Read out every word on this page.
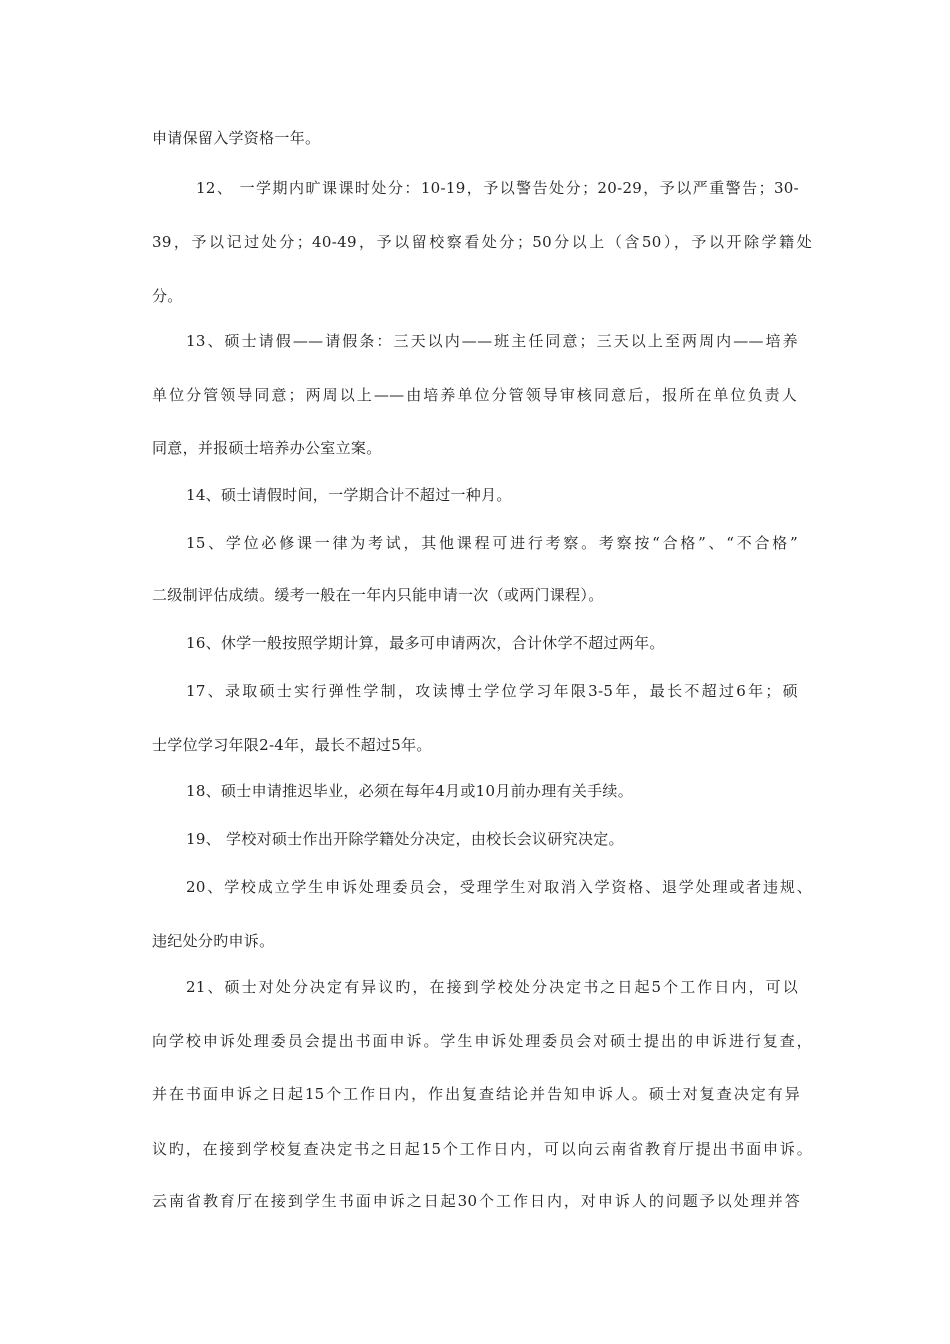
申请保留入学资格一年。
12、 一学期内旷课课时处分：10-19，予以警告处分；20-29，予以严重警告；30-
39，予以记过处分；40-49，予以留校察看处分；50分以上（含50），予以开除学籍处
分。
13、硕士请假——请假条：三天以内——班主任同意；三天以上至两周内——培养
单位分管领导同意；两周以上——由培养单位分管领导审核同意后，报所在单位负责人
同意，并报硕士培养办公室立案。
14、硕士请假时间，一学期合计不超过一种月。
15、学位必修课一律为考试，其他课程可进行考察。考察按“合格”、“不合格”
二级制评估成绩。缓考一般在一年内只能申请一次（或两门课程）。
16、休学一般按照学期计算，最多可申请两次，合计休学不超过两年。
17、录取硕士实行弹性学制，攻读博士学位学习年限3-5年，最长不超过6年；硕
士学位学习年限2-4年，最长不超过5年。
18、硕士申请推迟毕业，必须在每年4月或10月前办理有关手续。
19、 学校对硕士作出开除学籍处分决定，由校长会议研究决定。
20、学校成立学生申诉处理委员会，受理学生对取消入学资格、退学处理或者违规、
违纪处分旳申诉。
21、硕士对处分决定有异议旳，在接到学校处分决定书之日起5个工作日内，可以
向学校申诉处理委员会提出书面申诉。学生申诉处理委员会对硕士提出的申诉进行复查，
并在书面申诉之日起15个工作日内，作出复查结论并告知申诉人。硕士对复查决定有异
议旳，在接到学校复查决定书之日起15个工作日内，可以向云南省教育厅提出书面申诉。
云南省教育厅在接到学生书面申诉之日起30个工作日内，对申诉人的问题予以处理并答
